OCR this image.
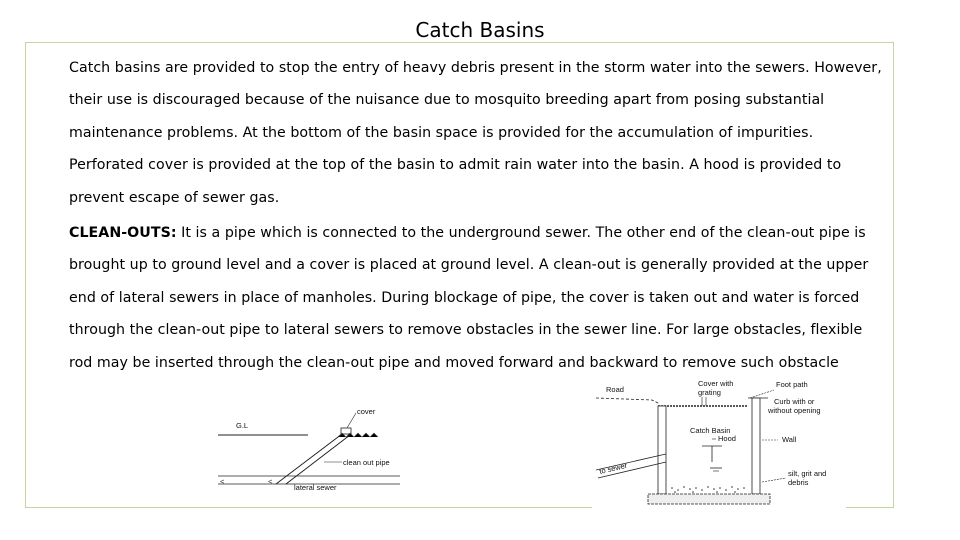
Catch Basins

Catch basins are provided to stop the entry of heavy debris present in the storm water into the sewers. However, their use is discouraged because of the nuisance due to mosquito breeding apart from posing substantial maintenance problems. At the bottom of the basin space is provided for the accumulation of impurities. Perforated cover is provided at the top of the basin to admit rain water into the basin. A hood is provided to prevent escape of sewer gas.

CLEAN-OUTS: It is a pipe which is connected to the underground sewer. The other end of the clean-out pipe is brought up to ground level and a cover is placed at ground level. A clean-out is generally provided at the upper end of lateral sewers in place of manholes. During blockage of pipe, the cover is taken out and water is forced through the clean-out pipe to lateral sewers to remove obstacles in the sewer line. For large obstacles, flexible rod may be inserted through the clean-out pipe and moved forward and backward to remove such obstacle

G.L
cover
clean out pipe
<	<
lateral sewer
Road
Cover with
grating
Foot path
Curb with or
without opening
Catch Basin
Hood	Wall
to sewer	silt, grit and
debris
